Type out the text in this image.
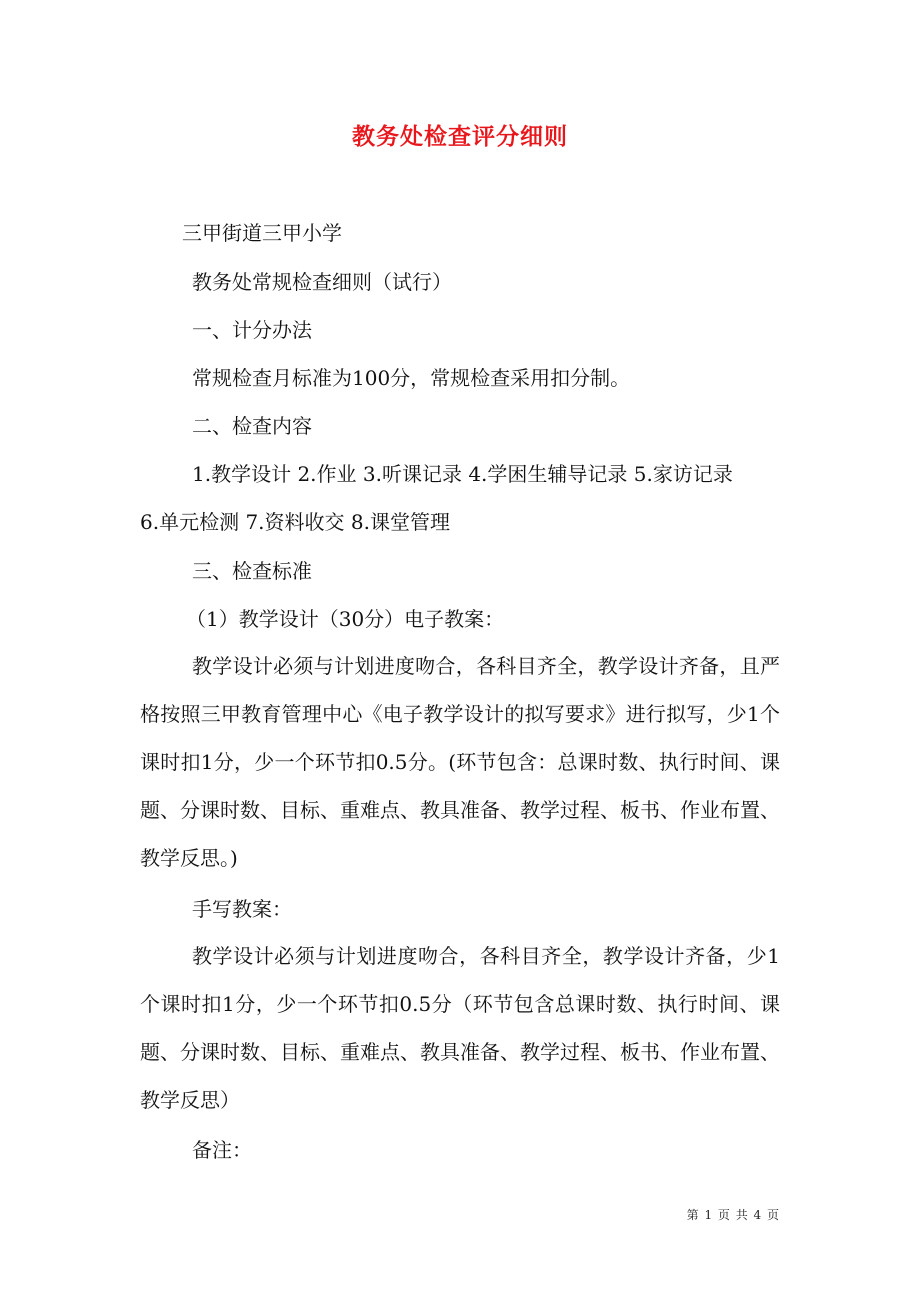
教务处检查评分细则
三甲街道三甲小学
教务处常规检查细则（试行）
一、计分办法
常规检查月标准为100分，常规检查采用扣分制。
二、检查内容
1.教学设计 2.作业 3.听课记录 4.学困生辅导记录 5.家访记录
6.单元检测 7.资料收交 8.课堂管理
三、检查标准
（1）教学设计（30分）电子教案：
教学设计必须与计划进度吻合，各科目齐全，教学设计齐备，且严格按照三甲教育管理中心《电子教学设计的拟写要求》进行拟写，少1个课时扣1分，少一个环节扣0.5分。(环节包含：总课时数、执行时间、课题、分课时数、目标、重难点、教具准备、教学过程、板书、作业布置、教学反思。)
手写教案：
教学设计必须与计划进度吻合，各科目齐全，教学设计齐备，少1个课时扣1分，少一个环节扣0.5分（环节包含总课时数、执行时间、课题、分课时数、目标、重难点、教具准备、教学过程、板书、作业布置、教学反思）
备注：
第 1 页 共 4 页
